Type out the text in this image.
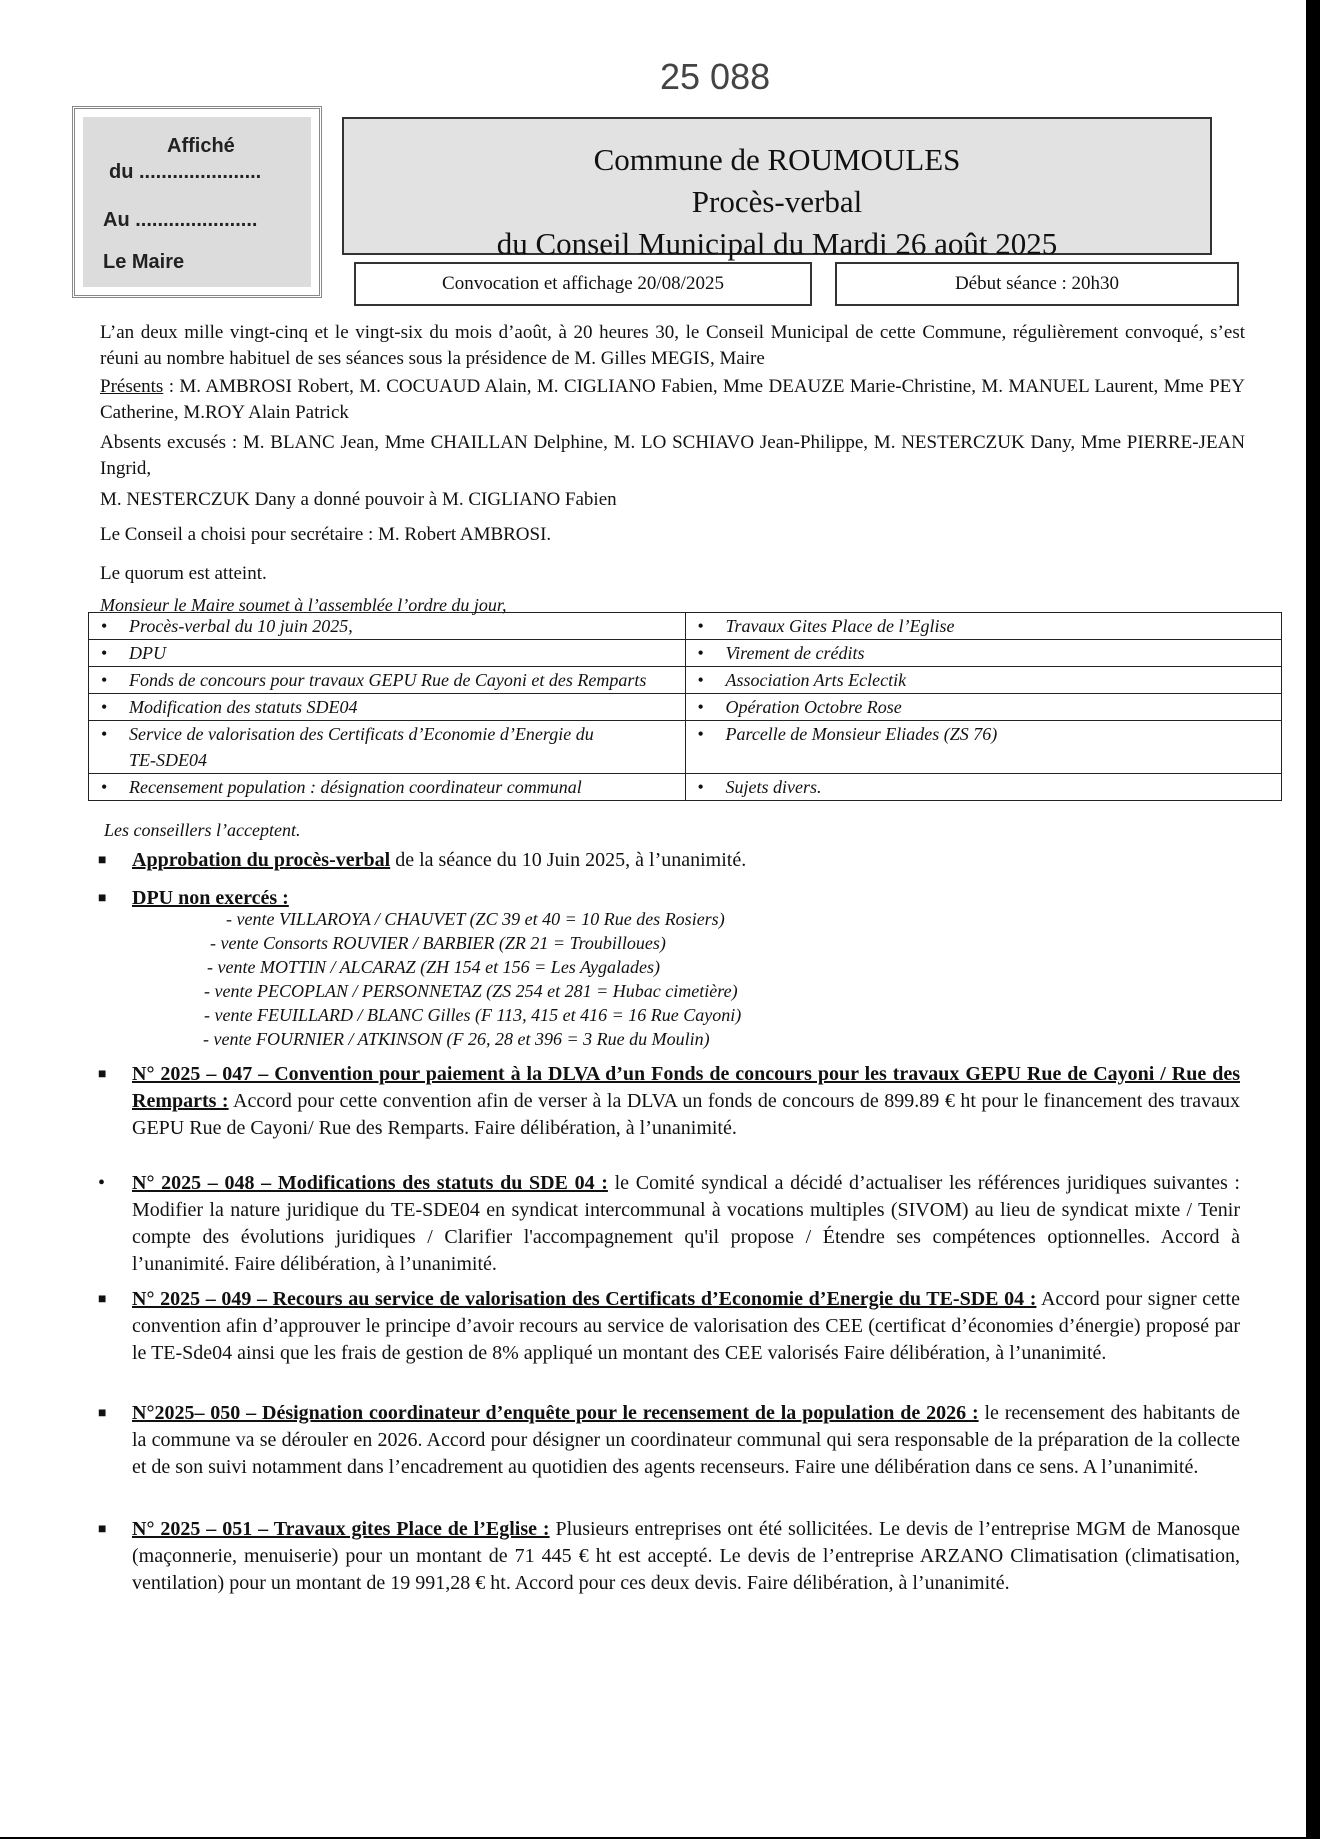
25 088
Affiché
du ......................
Au ......................
Le Maire
Commune de ROUMOULES
Procès-verbal
du Conseil Municipal du Mardi 26 août 2025
Convocation et affichage 20/08/2025	Début séance : 20h30
L’an deux mille vingt-cinq et le vingt-six du mois d’août, à 20 heures 30, le Conseil Municipal de cette Commune, régulièrement convoqué, s’est réuni au nombre habituel de ses séances sous la présidence de M. Gilles MEGIS, Maire
Présents : M. AMBROSI Robert, M. COCUAUD Alain, M. CIGLIANO Fabien, Mme DEAUZE Marie-Christine, M. MANUEL Laurent, Mme PEY Catherine, M.ROY Alain Patrick
Absents excusés : M. BLANC Jean, Mme CHAILLAN Delphine, M. LO SCHIAVO Jean-Philippe, M. NESTERCZUK Dany, Mme PIERRE-JEAN Ingrid,
M. NESTERCZUK Dany a donné pouvoir à M. CIGLIANO Fabien
Le Conseil a choisi pour secrétaire : M. Robert AMBROSI.
Le quorum est atteint.
Monsieur le Maire soumet à l’assemblée l’ordre du jour,
• Procès-verbal du 10 juin 2025,	• Travaux Gites Place de l’Eglise
• DPU	• Virement de crédits
• Fonds de concours pour travaux GEPU Rue de Cayoni et des Remparts	• Association Arts Eclectik
• Modification des statuts SDE04	• Opération Octobre Rose
• Service de valorisation des Certificats d’Economie d’Energie du TE-SDE04	• Parcelle de Monsieur Eliades (ZS 76)
• Recensement population : désignation coordinateur communal	• Sujets divers.
Les conseillers l’acceptent.
■ Approbation du procès-verbal de la séance du 10 Juin 2025, à l’unanimité.
■ DPU non exercés :
- vente VILLAROYA / CHAUVET (ZC 39 et 40 = 10 Rue des Rosiers)
- vente Consorts ROUVIER / BARBIER (ZR 21 = Troubilloues)
- vente MOTTIN / ALCARAZ (ZH 154 et 156 = Les Aygalades)
- vente PECOPLAN / PERSONNETAZ (ZS 254 et 281 = Hubac cimetière)
- vente FEUILLARD / BLANC Gilles (F 113, 415 et 416 = 16 Rue Cayoni)
- vente FOURNIER / ATKINSON (F 26, 28 et 396 = 3 Rue du Moulin)
■ N° 2025 – 047 – Convention pour paiement à la DLVA d’un Fonds de concours pour les travaux GEPU Rue de Cayoni / Rue des Remparts : Accord pour cette convention afin de verser à la DLVA un fonds de concours de 899.89 € ht pour le financement des travaux GEPU Rue de Cayoni/ Rue des Remparts. Faire délibération, à l’unanimité.
• N° 2025 – 048 – Modifications des statuts du SDE 04 : le Comité syndical a décidé d’actualiser les références juridiques suivantes : Modifier la nature juridique du TE-SDE04 en syndicat intercommunal à vocations multiples (SIVOM) au lieu de syndicat mixte / Tenir compte des évolutions juridiques / Clarifier l'accompagnement qu'il propose / Étendre ses compétences optionnelles. Accord à l’unanimité. Faire délibération, à l’unanimité.
■ N° 2025 – 049 – Recours au service de valorisation des Certificats d’Economie d’Energie du TE-SDE 04 : Accord pour signer cette convention afin d’approuver le principe d’avoir recours au service de valorisation des CEE (certificat d’économies d’énergie) proposé par le TE-Sde04 ainsi que les frais de gestion de 8% appliqué un montant des CEE valorisés Faire délibération, à l’unanimité.
■ N°2025– 050 – Désignation coordinateur d’enquête pour le recensement de la population de 2026 : le recensement des habitants de la commune va se dérouler en 2026. Accord pour désigner un coordinateur communal qui sera responsable de la préparation de la collecte et de son suivi notamment dans l’encadrement au quotidien des agents recenseurs. Faire une délibération dans ce sens. A l’unanimité.
■ N° 2025 – 051 – Travaux gites Place de l’Eglise : Plusieurs entreprises ont été sollicitées. Le devis de l’entreprise MGM de Manosque (maçonnerie, menuiserie) pour un montant de 71 445 € ht est accepté. Le devis de l’entreprise ARZANO Climatisation (climatisation, ventilation) pour un montant de 19 991,28 € ht. Accord pour ces deux devis. Faire délibération, à l’unanimité.
